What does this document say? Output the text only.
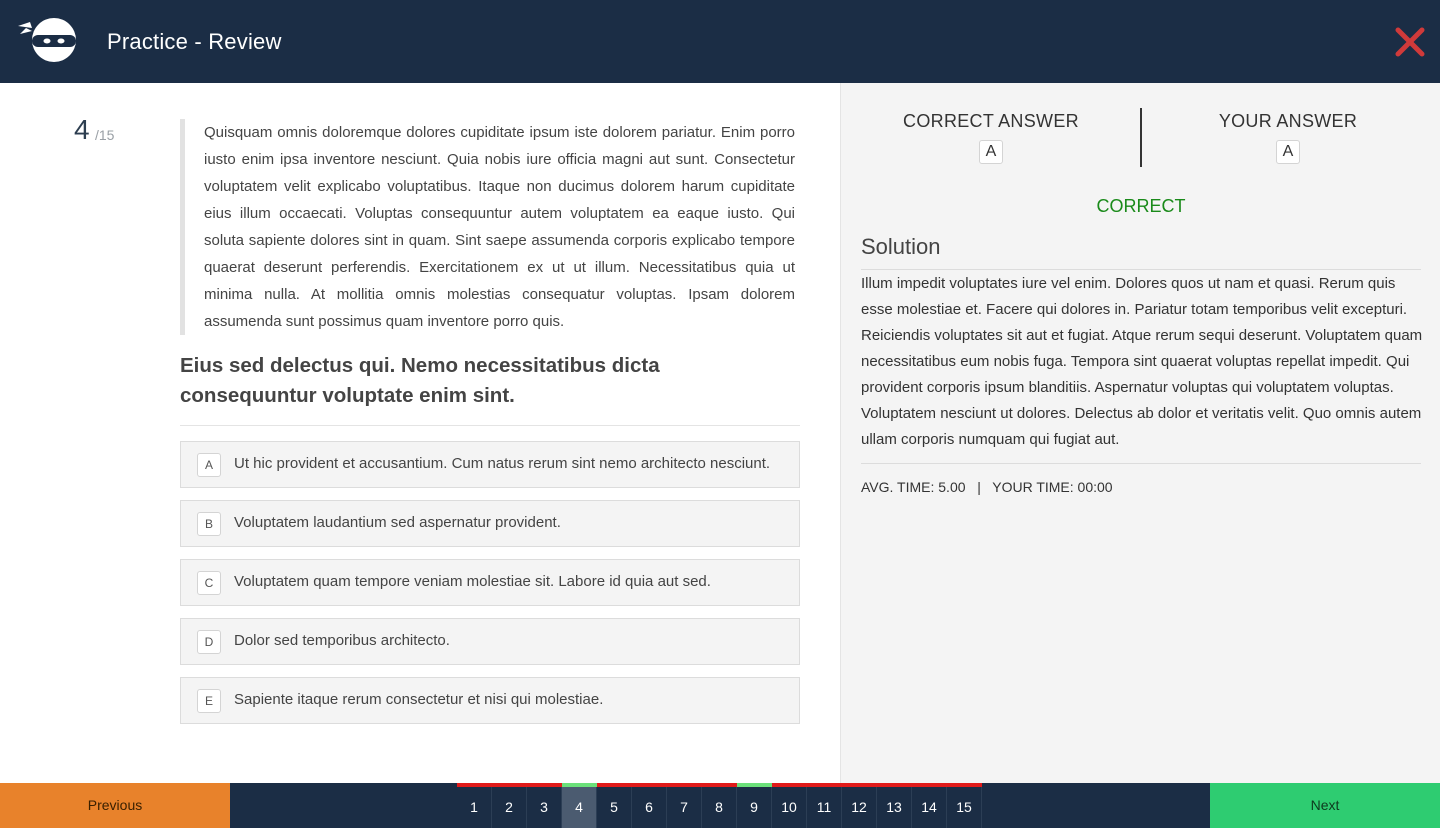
Practice - Review
4 /15	Quisquam omnis doloremque dolores cupiditate ipsum iste dolorem pariatur. Enim porro iusto enim ipsa inventore nesciunt. Quia nobis iure officia magni aut sunt. Consectetur voluptatem velit explicabo voluptatibus. Itaque non ducimus dolorem harum cupiditate eius illum occaecati. Voluptas consequuntur autem voluptatem ea eaque iusto. Qui soluta sapiente dolores sint in quam. Sint saepe assumenda corporis explicabo tempore quaerat deserunt perferendis. Exercitationem ex ut ut illum. Necessitatibus quia ut minima nulla. At mollitia omnis molestias consequatur voluptas. Ipsam dolorem assumenda sunt possimus quam inventore porro quis.
Eius sed delectus qui. Nemo necessitatibus dicta consequuntur voluptate enim sint.
A	Ut hic provident et accusantium. Cum natus rerum sint nemo architecto nesciunt.
B	Voluptatem laudantium sed aspernatur provident.
C	Voluptatem quam tempore veniam molestiae sit. Labore id quia aut sed.
D	Dolor sed temporibus architecto.
E	Sapiente itaque rerum consectetur et nisi qui molestiae.
CORRECT ANSWER
A
YOUR ANSWER
A
CORRECT
Solution
Illum impedit voluptates iure vel enim. Dolores quos ut nam et quasi. Rerum quis esse molestiae et. Facere qui dolores in. Pariatur totam temporibus velit excepturi. Reiciendis voluptates sit aut et fugiat. Atque rerum sequi deserunt. Voluptatem quam necessitatibus eum nobis fuga. Tempora sint quaerat voluptas repellat impedit. Qui provident corporis ipsum blanditiis. Aspernatur voluptas qui voluptatem voluptas. Voluptatem nesciunt ut dolores. Delectus ab dolor et veritatis velit. Quo omnis autem ullam corporis numquam qui fugiat aut.
AVG. TIME: 5.00   |   YOUR TIME: 00:00
Previous	1	2	3	4	5	6	7	8	9	10	11	12	13	14	15	Next
